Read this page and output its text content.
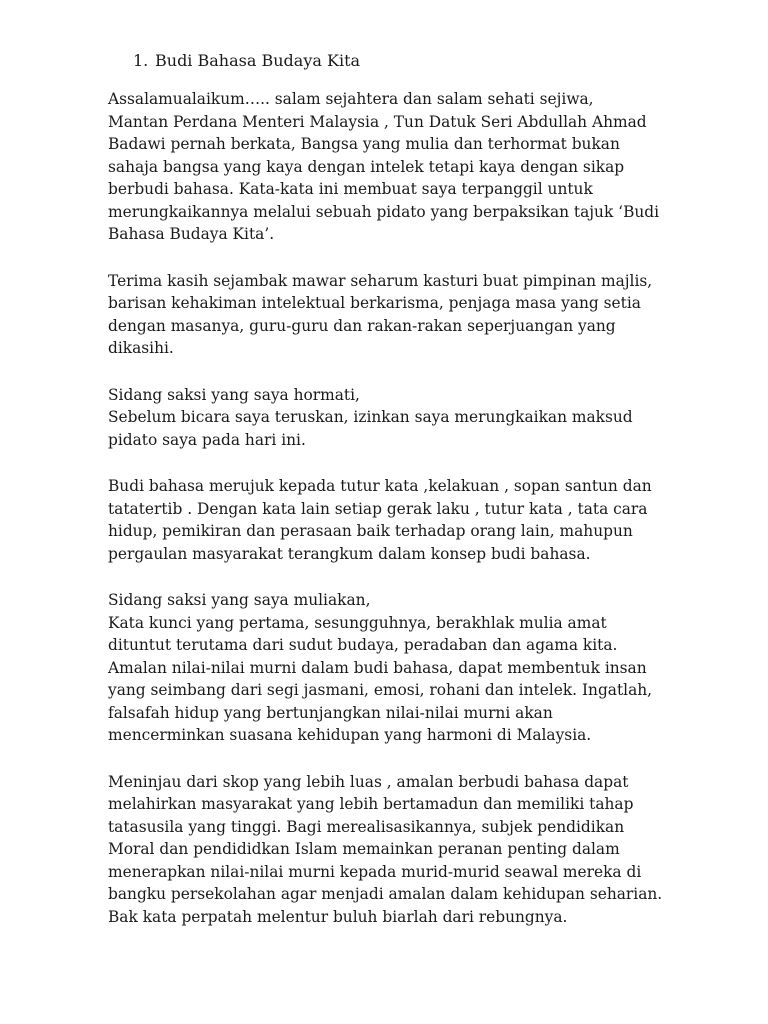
1. Budi Bahasa Budaya Kita

Assalamualaikum….. salam sejahtera dan salam sehati sejiwa,
Mantan Perdana Menteri Malaysia , Tun Datuk Seri Abdullah Ahmad
Badawi pernah berkata, Bangsa yang mulia dan terhormat bukan
sahaja bangsa yang kaya dengan intelek tetapi kaya dengan sikap
berbudi bahasa. Kata-kata ini membuat saya terpanggil untuk
merungkaikannya melalui sebuah pidato yang berpaksikan tajuk ‘Budi
Bahasa Budaya Kita’.

Terima kasih sejambak mawar seharum kasturi buat pimpinan majlis,
barisan kehakiman intelektual berkarisma, penjaga masa yang setia
dengan masanya, guru-guru dan rakan-rakan seperjuangan yang
dikasihi.

Sidang saksi yang saya hormati,
Sebelum bicara saya teruskan, izinkan saya merungkaikan maksud
pidato saya pada hari ini.

Budi bahasa merujuk kepada tutur kata ,kelakuan , sopan santun dan
tatatertib . Dengan kata lain setiap gerak laku , tutur kata , tata cara
hidup, pemikiran dan perasaan baik terhadap orang lain, mahupun
pergaulan masyarakat terangkum dalam konsep budi bahasa.

Sidang saksi yang saya muliakan,
Kata kunci yang pertama, sesungguhnya, berakhlak mulia amat
dituntut terutama dari sudut budaya, peradaban dan agama kita.
Amalan nilai-nilai murni dalam budi bahasa, dapat membentuk insan
yang seimbang dari segi jasmani, emosi, rohani dan intelek. Ingatlah,
falsafah hidup yang bertunjangkan nilai-nilai murni akan
mencerminkan suasana kehidupan yang harmoni di Malaysia.

Meninjau dari skop yang lebih luas , amalan berbudi bahasa dapat
melahirkan masyarakat yang lebih bertamadun dan memiliki tahap
tatasusila yang tinggi. Bagi merealisasikannya, subjek pendidikan
Moral dan pendididkan Islam memainkan peranan penting dalam
menerapkan nilai-nilai murni kepada murid-murid seawal mereka di
bangku persekolahan agar menjadi amalan dalam kehidupan seharian.
Bak kata perpatah melentur buluh biarlah dari rebungnya.
